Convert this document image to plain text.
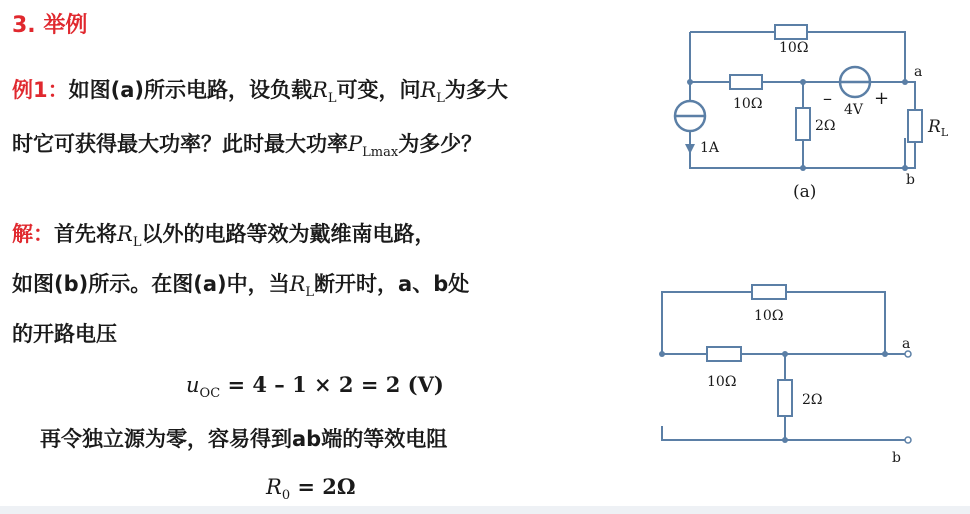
3. 举例
例1：如图(a)所示电路，设负载$R_L$可变，问$R_L$为多大
时它可获得最大功率？此时最大功率$P_{Lmax}$为多少？
解：首先将$R_L$以外的电路等效为戴维南电路，
如图(b)所示。在图(a)中，当$R_L$断开时，a、b处
的开路电压
$u_{OC} = 4 - 1 \times 2 = 2$ (V)
再令独立源为零，容易得到ab端的等效电阻
$R_0 = 2\Omega$
10Ω
10Ω
2Ω
4V
– +
1A
$R_L$
a
b
(a)
10Ω
10Ω
2Ω
a
b
